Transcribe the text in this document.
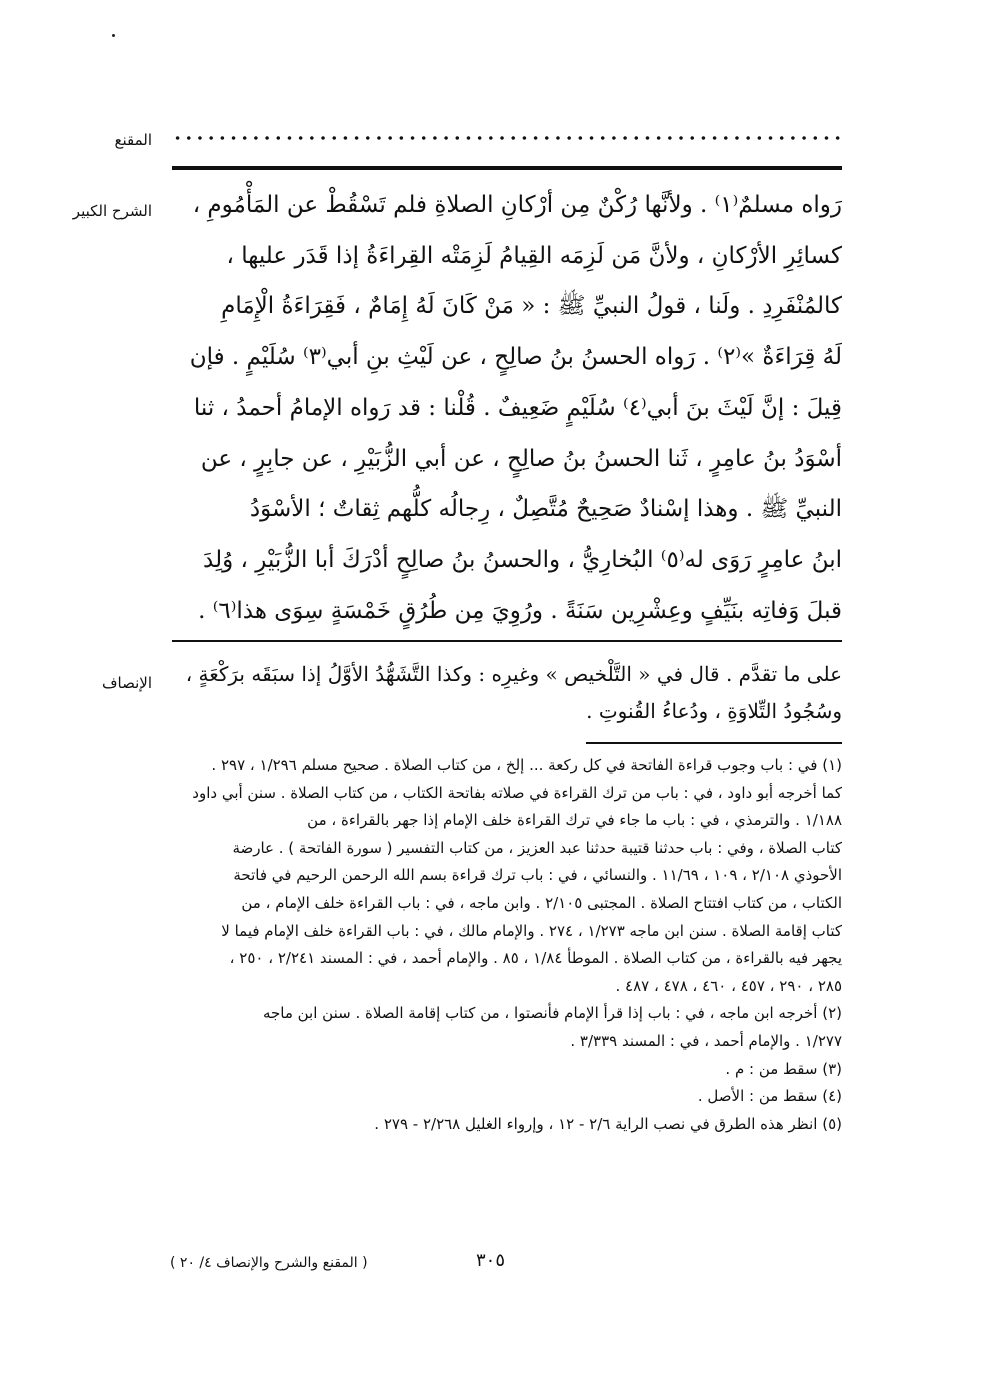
المقنع
الشرح الكبير	رَواه مسلمٌ⁽١⁾ . ولأنَّها رُكْنٌ مِن أرْكانِ الصلاةِ فلم تَسْقُطْ عن المَأْمُومِ ،
كسائِرِ الأرْكانِ ، ولأنَّ مَن لَزِمَه القِيامُ لَزِمَتْه القِراءَةُ إذا قَدَر عليها ،
كالمُنْفَرِدِ . ولَنا ، قولُ النبيِّ ﷺ : « مَنْ كَانَ لَهُ إِمَامٌ ، فَقِرَاءَةُ الْإِمَامِ
لَهُ قِرَاءَةٌ »⁽٢⁾ . رَواه الحسنُ بنُ صالِحٍ ، عن لَيْثِ بنِ أبي⁽٣⁾ سُلَيْمٍ . فإن
قِيلَ : إنَّ لَيْثَ بنَ أبي⁽٤⁾ سُلَيْمٍ ضَعِيفٌ . قُلْنا : قد رَواه الإمامُ أحمدُ ، ثنا
أسْوَدُ بنُ عامِرٍ ، ثَنا الحسنُ بنُ صالِحٍ ، عن أبي الزُّبَيْرِ ، عن جابِرٍ ، عن
النبيِّ ﷺ . وهذا إسْنادٌ صَحِيحٌ مُتَّصِلٌ ، رِجالُه كلُّهم ثِقاتٌ ؛ الأسْوَدُ
ابنُ عامِرٍ رَوَى له⁽٥⁾ البُخارِيُّ ، والحسنُ بنُ صالِحٍ أدْرَكَ أبا الزُّبَيْرِ ، وُلِدَ
قبلَ وَفاتِه بنَيِّفٍ وعِشْرِين سَنَةً . ورُوِيَ مِن طُرُقٍ خَمْسَةٍ سِوَى هذا⁽٦⁾ .
الإنصاف	على ما تقدَّم . قال في « التَّلْخيص » وغيرِه : وكذا التَّشَهُّدُ الأوَّلُ إذا سبَقَه برَكْعَةٍ ،
وسُجُودُ التِّلاوَةِ ، ودُعاءُ القُنوتِ .
(١) في : باب وجوب قراءة الفاتحة في كل ركعة ... إلخ ، من كتاب الصلاة . صحيح مسلم ١/٢٩٦ ، ٢٩٧ .
كما أخرجه أبو داود ، في : باب من ترك القراءة في صلاته بفاتحة الكتاب ، من كتاب الصلاة . سنن أبي داود
١/١٨٨ . والترمذي ، في : باب ما جاء في ترك القراءة خلف الإمام إذا جهر بالقراءة ، من
كتاب الصلاة ، وفي : باب حدثنا قتيبة حدثنا عبد العزيز ، من كتاب التفسير ( سورة الفاتحة ) . عارضة
الأحوذي ٢/١٠٨ ، ١٠٩ ، ١١/٦٩ . والنسائي ، في : باب ترك قراءة بسم الله الرحمن الرحيم في فاتحة
الكتاب ، من كتاب افتتاح الصلاة . المجتبى ٢/١٠٥ . وابن ماجه ، في : باب القراءة خلف الإمام ، من
كتاب إقامة الصلاة . سنن ابن ماجه ١/٢٧٣ ، ٢٧٤ . والإمام مالك ، في : باب القراءة خلف الإمام فيما لا
يجهر فيه بالقراءة ، من كتاب الصلاة . الموطأ ١/٨٤ ، ٨٥ . والإمام أحمد ، في : المسند ٢/٢٤١ ، ٢٥٠ ،
٢٨٥ ، ٢٩٠ ، ٤٥٧ ، ٤٦٠ ، ٤٧٨ ، ٤٨٧ .
(٢) أخرجه ابن ماجه ، في : باب إذا قرأ الإمام فأنصتوا ، من كتاب إقامة الصلاة . سنن ابن ماجه
١/٢٧٧ . والإمام أحمد ، في : المسند ٣/٣٣٩ .
(٣) سقط من : م .
(٤) سقط من : الأصل .
(٥) انظر هذه الطرق في نصب الراية ٢/٦ - ١٢ ، وإرواء الغليل ٢/٢٦٨ - ٢٧٩ .
٣٠٥
( المقنع والشرح والإنصاف ٤/ ٢٠ )
